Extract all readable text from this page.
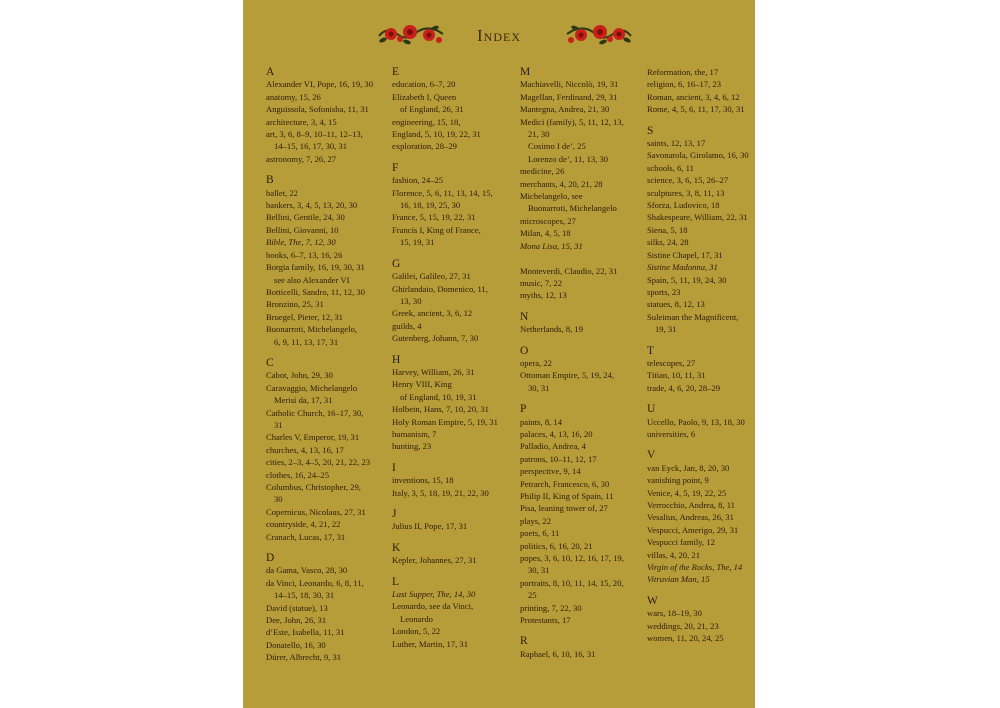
Index
A
Alexander VI, Pope, 16, 19, 30
anatomy, 15, 26
Anguissola, Sofonisba, 11, 31
architecture, 3, 4, 15
art, 3, 6, 8–9, 10–11, 12–13,
14–15, 16, 17, 30, 31
astronomy, 7, 26, 27
B
ballet, 22
bankers, 3, 4, 5, 13, 20, 30
Bellini, Gentile, 24, 30
Bellini, Giovanni, 10
Bible, The, 7, 12, 30
books, 6–7, 13, 16, 26
Borgia family, 16, 19, 30, 31
see also Alexander VI
Botticelli, Sandro, 11, 12, 30
Bronzino, 25, 31
Bruegel, Pieter, 12, 31
Buonarroti, Michelangelo,
6, 9, 11, 13, 17, 31
C
Cabot, John, 29, 30
Caravaggio, Michelangelo
Merisi da, 17, 31
Catholic Church, 16–17, 30,
31
Charles V, Emperor, 19, 31
churches, 4, 13, 16, 17
cities, 2–3, 4–5, 20, 21, 22, 23
clothes, 16, 24–25
Columbus, Christopher, 29,
30
Copernicus, Nicolaus, 27, 31
countryside, 4, 21, 22
Cranach, Lucas, 17, 31
D
da Gama, Vasco, 28, 30
da Vinci, Leonardo, 6, 8, 11,
14–15, 18, 30, 31
David (statue), 13
Dee, John, 26, 31
d’Este, Isabella, 11, 31
Donatello, 16, 30
Dürer, Albrecht, 9, 31
E
education, 6–7, 20
Elizabeth I, Queen
of England, 26, 31
engineering, 15, 18,
England, 5, 10, 19, 22, 31
exploration, 28–29
F
fashion, 24–25
Florence, 5, 6, 11, 13, 14, 15,
16, 18, 19, 25, 30
France, 5, 15, 19, 22, 31
Francis I, King of France,
15, 19, 31
G
Galilei, Galileo, 27, 31
Ghirlandaio, Domenico, 11,
13, 30
Greek, ancient, 3, 6, 12
guilds, 4
Gutenberg, Johann, 7, 30
H
Harvey, William, 26, 31
Henry VIII, King
of England, 10, 19, 31
Holbein, Hans, 7, 10, 20, 31
Holy Roman Empire, 5, 19, 31
humanism, 7
hunting, 23
I
inventions, 15, 18
Italy, 3, 5, 18, 19, 21, 22, 30
J
Julius II, Pope, 17, 31
K
Kepler, Johannes, 27, 31
L
Last Supper, The, 14, 30
Leonardo, see da Vinci,
Leonardo
London, 5, 22
Luther, Martin, 17, 31
M
Machiavelli, Niccolò, 19, 31
Magellan, Ferdinand, 29, 31
Mantegna, Andrea, 21, 30
Medici (family), 5, 11, 12, 13,
21, 30
Cosimo I de’, 25
Lorenzo de’, 11, 13, 30
medicine, 26
merchants, 4, 20, 21, 28
Michelangelo, see
Buonarroti, Michelangelo
microscopes, 27
Milan, 4, 5, 18
Mona Lisa, 15, 31

Monteverdi, Claudio, 22, 31
music, 7, 22
myths, 12, 13
N
Netherlands, 8, 19
O
opera, 22
Ottoman Empire, 5, 19, 24,
30, 31
P
paints, 8, 14
palaces, 4, 13, 16, 20
Palladio, Andrea, 4
patrons, 10–11, 12, 17
perspective, 9, 14
Petrarch, Francesco, 6, 30
Philip II, King of Spain, 11
Pisa, leaning tower of, 27
plays, 22
poets, 6, 11
politics, 6, 16, 20, 21
popes, 3, 6, 10, 12, 16, 17, 19,
30, 31
portraits, 8, 10, 11, 14, 15, 20,
25
printing, 7, 22, 30
Protestants, 17
R
Raphael, 6, 10, 16, 31
Reformation, the, 17
religion, 6, 16–17, 23
Roman, ancient, 3, 4, 6, 12
Rome, 4, 5, 6, 11, 17, 30, 31
S
saints, 12, 13, 17
Savonarola, Girolamo, 16, 30
schools, 6, 11
science, 3, 6, 15, 26–27
sculptures, 3, 8, 11, 13
Sforza, Ludovico, 18
Shakespeare, William, 22, 31
Siena, 5, 18
silks, 24, 28
Sistine Chapel, 17, 31
Sistine Madonna, 31
Spain, 5, 11, 19, 24, 30
sports, 23
statues, 8, 12, 13
Suleiman the Magnificent,
19, 31
T
telescopes, 27
Titian, 10, 11, 31
trade, 4, 6, 20, 28–29
U
Uccello, Paolo, 9, 13, 18, 30
universities, 6
V
van Eyck, Jan, 8, 20, 30
vanishing point, 9
Venice, 4, 5, 19, 22, 25
Verrocchio, Andrea, 8, 11
Vesalius, Andreas, 26, 31
Vespucci, Amerigo, 29, 31
Vespucci family, 12
villas, 4, 20, 21
Virgin of the Rocks, The, 14
Vitruvian Man, 15
W
wars, 18–19, 30
weddings, 20, 21, 23
women, 11, 20, 24, 25
